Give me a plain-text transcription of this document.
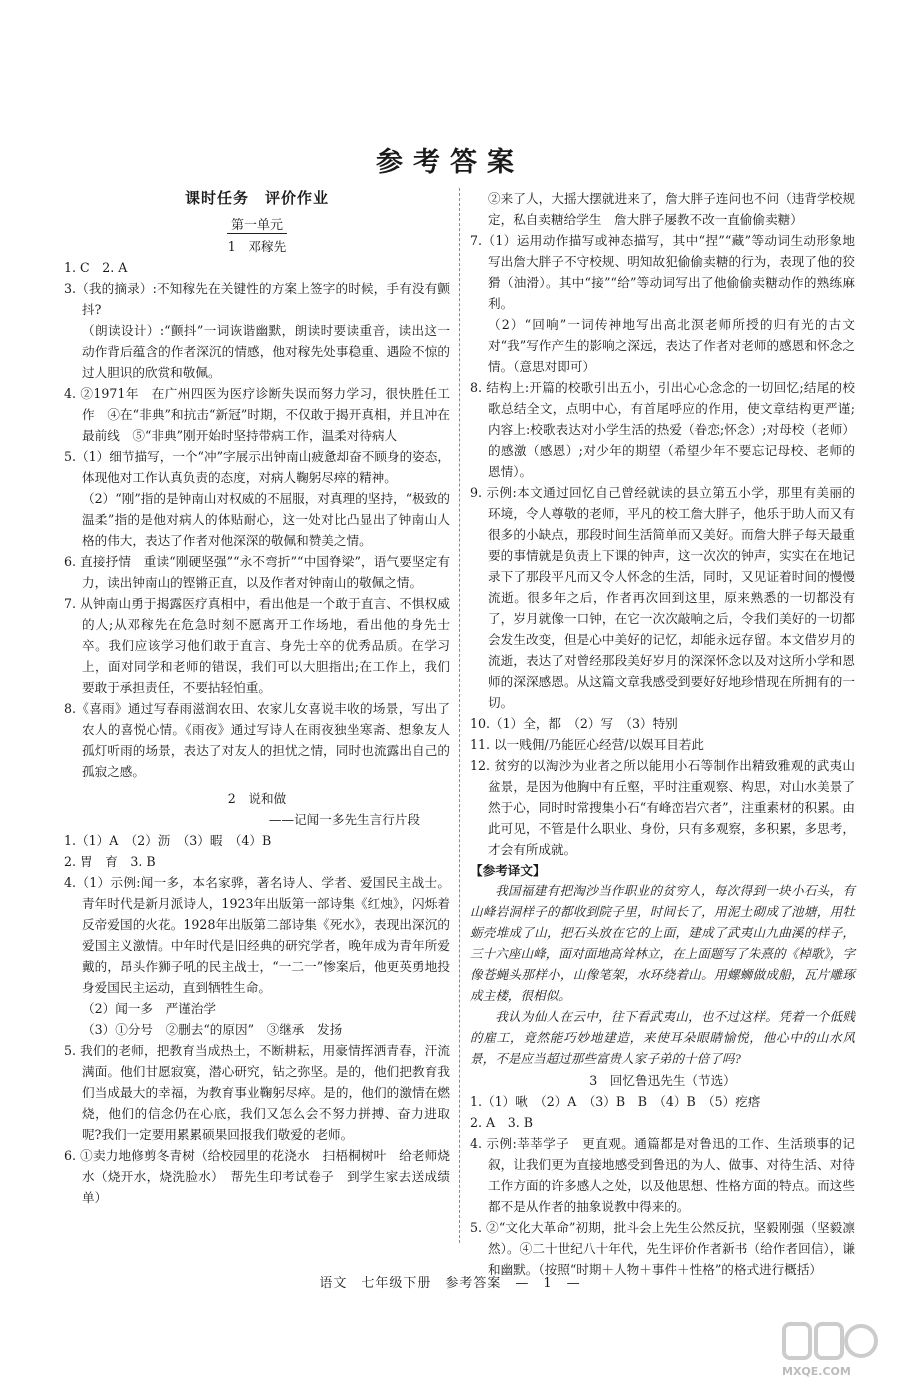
参考答案

课时任务　评价作业

第一单元

1　邓稼先

1. C　2. A

3.（我的摘录）:不知稼先在关键性的方案上签字的时候，手有没有颤抖?

（朗读设计）:“颤抖”一词诙谐幽默，朗读时要读重音，读出这一动作背后蕴含的作者深沉的情感，他对稼先处事稳重、遇险不惊的过人胆识的欣赏和敬佩。

4. ②1971年　在广州四医为医疗诊断失误而努力学习，很快胜任工作　④在“非典”和抗击“新冠”时期，不仅敢于揭开真相，并且冲在最前线　⑤“非典”刚开始时坚持带病工作，温柔对待病人

5.（1）细节描写，一个“冲”字展示出钟南山疲惫却奋不顾身的姿态，体现他对工作认真负责的态度，对病人鞠躬尽瘁的精神。

（2）“刚”指的是钟南山对权威的不屈服，对真理的坚持，“极致的温柔”指的是他对病人的体贴耐心，这一处对比凸显出了钟南山人格的伟大，表达了作者对他深深的敬佩和赞美之情。

6. 直接抒情　重读“刚硬坚强”“永不弯折”“中国脊梁”，语气要坚定有力，读出钟南山的铿锵正直，以及作者对钟南山的敬佩之情。

7. 从钟南山勇于揭露医疗真相中，看出他是一个敢于直言、不惧权威的人;从邓稼先在危急时刻不愿离开工作场地，看出他的身先士卒。我们应该学习他们敢于直言、身先士卒的优秀品质。在学习上，面对同学和老师的错误，我们可以大胆指出;在工作上，我们要敢于承担责任，不要拈轻怕重。

8.《喜雨》通过写春雨滋润农田、农家儿女喜说丰收的场景，写出了农人的喜悦心情。《雨夜》通过写诗人在雨夜独坐寒斋、想象友人孤灯听雨的场景，表达了对友人的担忧之情，同时也流露出自己的孤寂之感。

2　说和做

——记闻一多先生言行片段

1.（1）A　（2）沥　（3）暇　（4）B

2. 胃　育　3. B

4.（1）示例:闻一多，本名家骅，著名诗人、学者、爱国民主战士。青年时代是新月派诗人，1923年出版第一部诗集《红烛》，闪烁着反帝爱国的火花。1928年出版第二部诗集《死水》，表现出深沉的爱国主义激情。中年时代是旧经典的研究学者，晚年成为青年所爱戴的，昂头作狮子吼的民主战士，“一二一”惨案后，他更英勇地投身爱国民主运动，直到牺牲生命。

（2）闻一多　严谨治学

（3）①分号　②删去“的原因”　③继承　发扬

5. 我们的老师，把教育当成热土，不断耕耘，用豪情挥洒青春，汗流满面。他们甘愿寂寞，潜心研究，钻之弥坚。是的，他们把教育我们当成最大的幸福，为教育事业鞠躬尽瘁。是的，他们的激情在燃烧，他们的信念仍在心底，我们又怎么会不努力拼搏、奋力进取呢?我们一定要用累累硕果回报我们敬爱的老师。

6. ①卖力地修剪冬青树（给校园里的花浇水　扫梧桐树叶　给老师烧水（烧开水，烧洗脸水）　帮先生印考试卷子　到学生家去送成绩单）

②来了人，大摇大摆就进来了，詹大胖子连问也不问（违背学校规定，私自卖糖给学生　詹大胖子屡教不改一直偷偷卖糖）

7.（1）运用动作描写或神态描写，其中“捏”“藏”等动词生动形象地写出詹大胖子不守校规、明知故犯偷偷卖糖的行为，表现了他的狡猾（油滑）。其中“接”“给”等动词写出了他偷偷卖糖动作的熟练麻利。

（2）“回响”一词传神地写出高北溟老师所授的归有光的古文对“我”写作产生的影响之深远，表达了作者对老师的感恩和怀念之情。（意思对即可）

8. 结构上:开篇的校歌引出五小，引出心心念念的一切回忆;结尾的校歌总结全文，点明中心，有首尾呼应的作用，使文章结构更严谨;内容上:校歌表达对小学生活的热爱（眷恋;怀念）;对母校（老师）的感激（感恩）;对少年的期望（希望少年不要忘记母校、老师的恩情）。

9. 示例:本文通过回忆自己曾经就读的县立第五小学，那里有美丽的环境，令人尊敬的老师，平凡的校工詹大胖子，他乐于助人而又有很多的小缺点，那段时间生活简单而又美好。而詹大胖子每天最重要的事情就是负责上下课的钟声，这一次次的钟声，实实在在地记录下了那段平凡而又令人怀念的生活，同时，又见证着时间的慢慢流逝。很多年之后，作者再次回到这里，原来熟悉的一切都没有了，岁月就像一口钟，在它一次次敲响之后，令我们美好的一切都会发生改变，但是心中美好的记忆，却能永远存留。本文借岁月的流逝，表达了对曾经那段美好岁月的深深怀念以及对这所小学和恩师的深深感恩。从这篇文章我感受到要好好地珍惜现在所拥有的一切。

10.（1）全，都　（2）写　（3）特别

11. 以一贱佣/乃能匠心经营/以娱耳目若此

12. 贫穷的以淘沙为业者之所以能用小石等制作出精致雅观的武夷山盆景，是因为他胸中有丘壑，平时注重观察、构思，对山水美景了然于心，同时时常搜集小石“有峰峦岩穴者”，注重素材的积累。由此可见，不管是什么职业、身份，只有多观察，多积累，多思考，才会有所成就。

【参考译文】

我国福建有把淘沙当作职业的贫穷人，每次得到一块小石头，有山峰岩洞样子的都收到院子里，时间长了，用泥土砌成了池塘，用牡蛎壳堆成了山，把石头放在它的上面，建成了武夷山九曲溪的样子，三十六座山峰，面对面地高耸林立，在上面题写了朱熹的《棹歌》，字像苍蝇头那样小，山像笔架，水环绕着山。用螺蛳做成船，瓦片雕琢成主楼，很相似。

我认为仙人在云中，往下看武夷山，也不过这样。凭着一个低贱的雇工，竟然能巧妙地建造，来使耳朵眼睛愉悦，他心中的山水风景，不是应当超过那些富贵人家子弟的十倍了吗?

3　回忆鲁迅先生（节选）

1.（1）啾　（2）A　（3）B　B　（4）B　（5）疙瘩

2. A　3. B

4. 示例:莘莘学子　更直观。通篇都是对鲁迅的工作、生活琐事的记叙，让我们更为直接地感受到鲁迅的为人、做事、对待生活、对待工作方面的许多感人之处，以及他思想、性格方面的特点。而这些都不是从作者的抽象说教中得来的。

5. ②“文化大革命”初期，批斗会上先生公然反抗，坚毅刚强（坚毅凛然）。④二十世纪八十年代，先生评价作者新书（给作者回信），谦和幽默。（按照“时期＋人物＋事件＋性格”的格式进行概括）

语文　七年级下册　参考答案　—　1　—
MXQE.COM
